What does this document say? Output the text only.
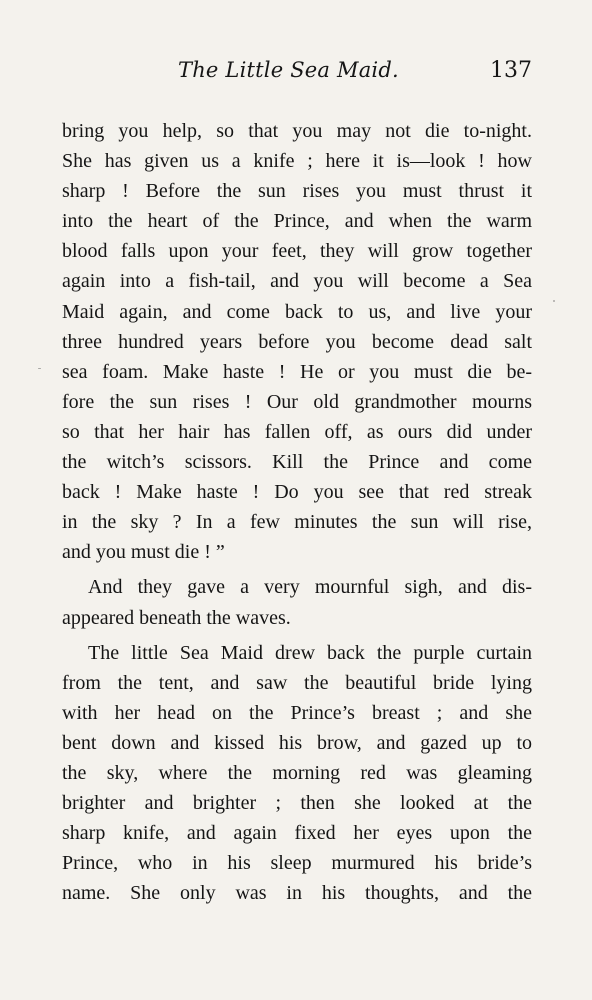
The Little Sea Maid.	137

bring you help, so that you may not die to-night.
She has given us a knife ; here it is—look ! how
sharp ! Before the sun rises you must thrust it
into the heart of the Prince, and when the warm
blood falls upon your feet, they will grow together
again into a fish-tail, and you will become a Sea
Maid again, and come back to us, and live your
three hundred years before you become dead salt
sea foam. Make haste ! He or you must die be-
fore the sun rises ! Our old grandmother mourns
so that her hair has fallen off, as ours did under
the witch’s scissors. Kill the Prince and come
back ! Make haste ! Do you see that red streak
in the sky ? In a few minutes the sun will rise,
and you must die ! ”

And they gave a very mournful sigh, and dis-
appeared beneath the waves.

The little Sea Maid drew back the purple curtain
from the tent, and saw the beautiful bride lying
with her head on the Prince’s breast ; and she
bent down and kissed his brow, and gazed up to
the sky, where the morning red was gleaming
brighter and brighter ; then she looked at the
sharp knife, and again fixed her eyes upon the
Prince, who in his sleep murmured his bride’s
name. She only was in his thoughts, and the
